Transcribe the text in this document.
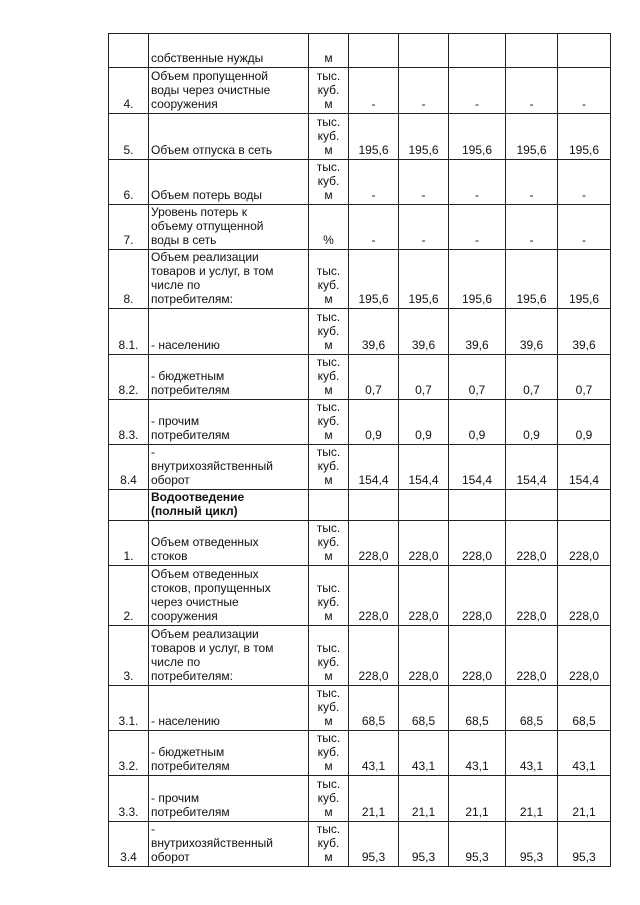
	собственные нужды	м					

4.	Объем пропущенной
воды через очистные
сооружения	тыс.
куб.
м	-	-	-	-	-
5.	Объем отпуска в сеть	тыс.
куб.
м	195,6	195,6	195,6	195,6	195,6
6.	Объем потерь воды	тыс.
куб.
м	-	-	-	-	-
7.	Уровень потерь к
объему отпущенной
воды в сеть	%	-	-	-	-	-
8.	Объем реализации
товаров и услуг, в том
числе по
потребителям:	тыс.
куб.
м	195,6	195,6	195,6	195,6	195,6
8.1.	- населению	тыс.
куб.
м	39,6	39,6	39,6	39,6	39,6
8.2.	- бюджетным
потребителям	тыс.
куб.
м	0,7	0,7	0,7	0,7	0,7
8.3.	- прочим
потребителям	тыс.
куб.
м	0,9	0,9	0,9	0,9	0,9
8.4	-
внутрихозяйственный
оборот	тыс.
куб.
м	154,4	154,4	154,4	154,4	154,4

	Водоотведение
(полный цикл)						

1.	Объем отведенных
стоков	тыс.
куб.
м	228,0	228,0	228,0	228,0	228,0
2.	Объем отведенных
стоков, пропущенных
через очистные
сооружения	тыс.
куб.
м	228,0	228,0	228,0	228,0	228,0
3.	Объем реализации
товаров и услуг, в том
числе по
потребителям:	тыс.
куб.
м	228,0	228,0	228,0	228,0	228,0
3.1.	- населению	тыс.
куб.
м	68,5	68,5	68,5	68,5	68,5
3.2.	- бюджетным
потребителям	тыс.
куб.
м	43,1	43,1	43,1	43,1	43,1
3.3.	- прочим
потребителям	тыс.
куб.
м	21,1	21,1	21,1	21,1	21,1
3.4	-
внутрихозяйственный
оборот	тыс.
куб.
м	95,3	95,3	95,3	95,3	95,3
